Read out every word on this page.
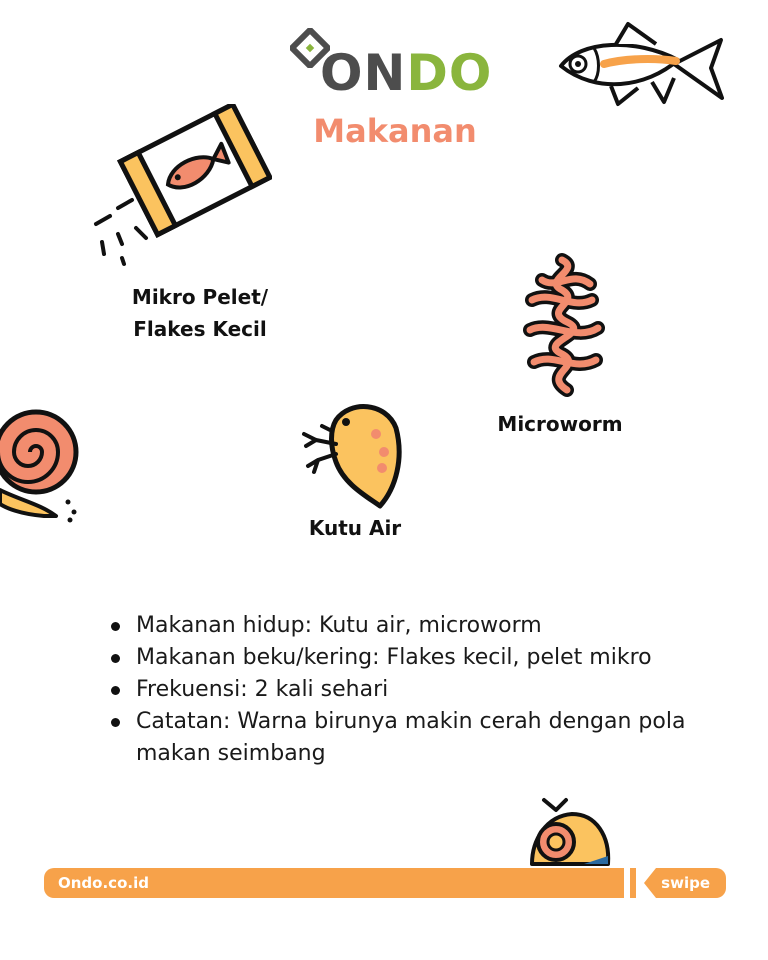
ONDO
Makanan
Mikro Pelet/
Flakes Kecil
Microworm
Kutu Air
Makanan hidup: Kutu air, microworm
Makanan beku/kering: Flakes kecil, pelet mikro
Frekuensi: 2 kali sehari
Catatan: Warna birunya makin cerah dengan pola makan seimbang
Ondo.co.id	swipe
